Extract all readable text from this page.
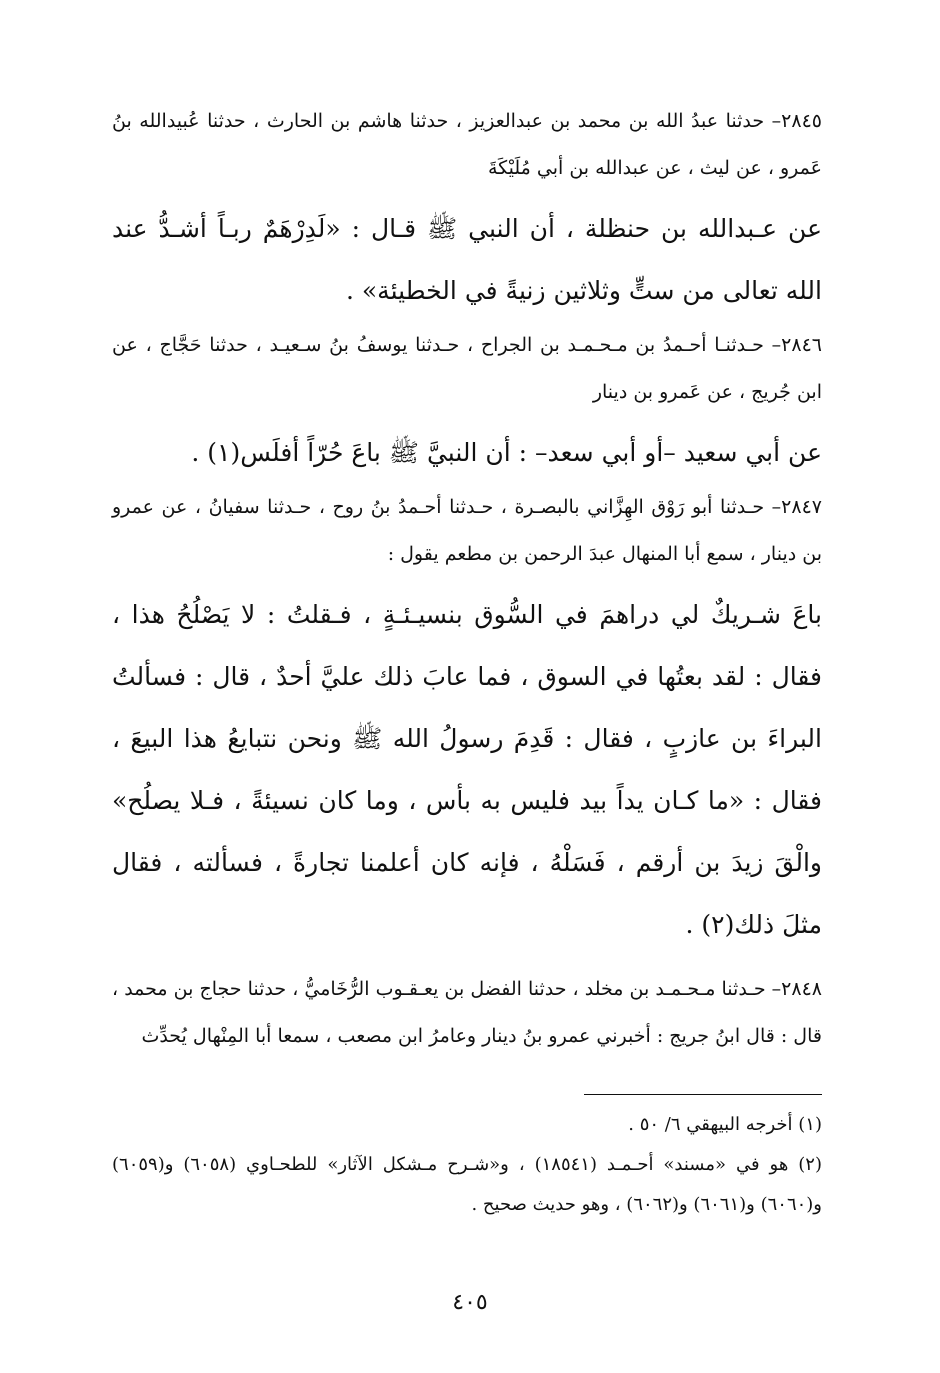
٢٨٤٥– حدثنا عبدُ الله بن محمد بن عبدالعزيز ، حدثنا هاشم بن الحارث ، حدثنا عُبيدالله بنُ عَمرو ، عن ليث ، عن عبدالله بن أبي مُلَيْكَةَ

عن عـبدالله بن حنظلة ، أن النبي ﷺ قـال : «لَدِرْهَمٌ ربـاً أشـدُّ عند الله تعالى من ستٍّ وثلاثين زنيةً في الخطيئة» .

٢٨٤٦– حـدثنـا أحـمدُ بن مـحـمـد بن الجراح ، حـدثنا يوسفُ بنُ سـعيـد ، حدثنا حَجَّاج ، عن ابن جُريج ، عن عَمرو بن دينار

عن أبي سعيد –أو أبي سعد– : أن النبيَّ ﷺ باعَ حُرّاً أفلَس(١) .

٢٨٤٧– حـدثنا أبو رَوْق الهِزَّاني بالبصـرة ، حـدثنا أحـمدُ بنُ روح ، حـدثنا سفيانُ ، عن عمرو بن دينار ، سمع أبا المنهال عبدَ الرحمن بن مطعم يقول :

باعَ شـريكٌ لي دراهمَ في السُّوق بنسيـئـةٍ ، فـقلتُ : لا يَصْلُحُ هذا ، فقال : لقد بعتُها في السوق ، فما عابَ ذلك عليَّ أحدٌ ، قال : فسألتُ البراءَ بن عازبٍ ، فقال : قَدِمَ رسولُ الله ﷺ ونحن نتبايعُ هذا البيعَ ، فقال : «ما كـان يداً بيد فليس به بأس ، وما كان نسيئةً ، فـلا يصلُح» والْقَ زيدَ بن أرقم ، فَسَلْهُ ، فإنه كان أعلمنا تجارةً ، فسألته ، فقال مثلَ ذلك(٢) .

٢٨٤٨– حـدثنا مـحـمـد بن مخلد ، حدثنا الفضل بن يعـقـوب الرُّخَاميُّ ، حدثنا حجاج بن محمد ، قال : قال ابنُ جريج : أخبرني عمرو بنُ دينار وعامرُ ابن مصعب ، سمعا أبا المِنْهال يُحدِّث

(١) أخرجه البيهقي ٦/ ٥٠ .

(٢) هو في «مسند» أحـمـد (١٨٥٤١) ، و«شـرح مـشكل الآثار» للطحـاوي (٦٠٥٨) و(٦٠٥٩) و(٦٠٦٠) و(٦٠٦١) و(٦٠٦٢) ، وهو حديث صحيح .

٤٠٥
